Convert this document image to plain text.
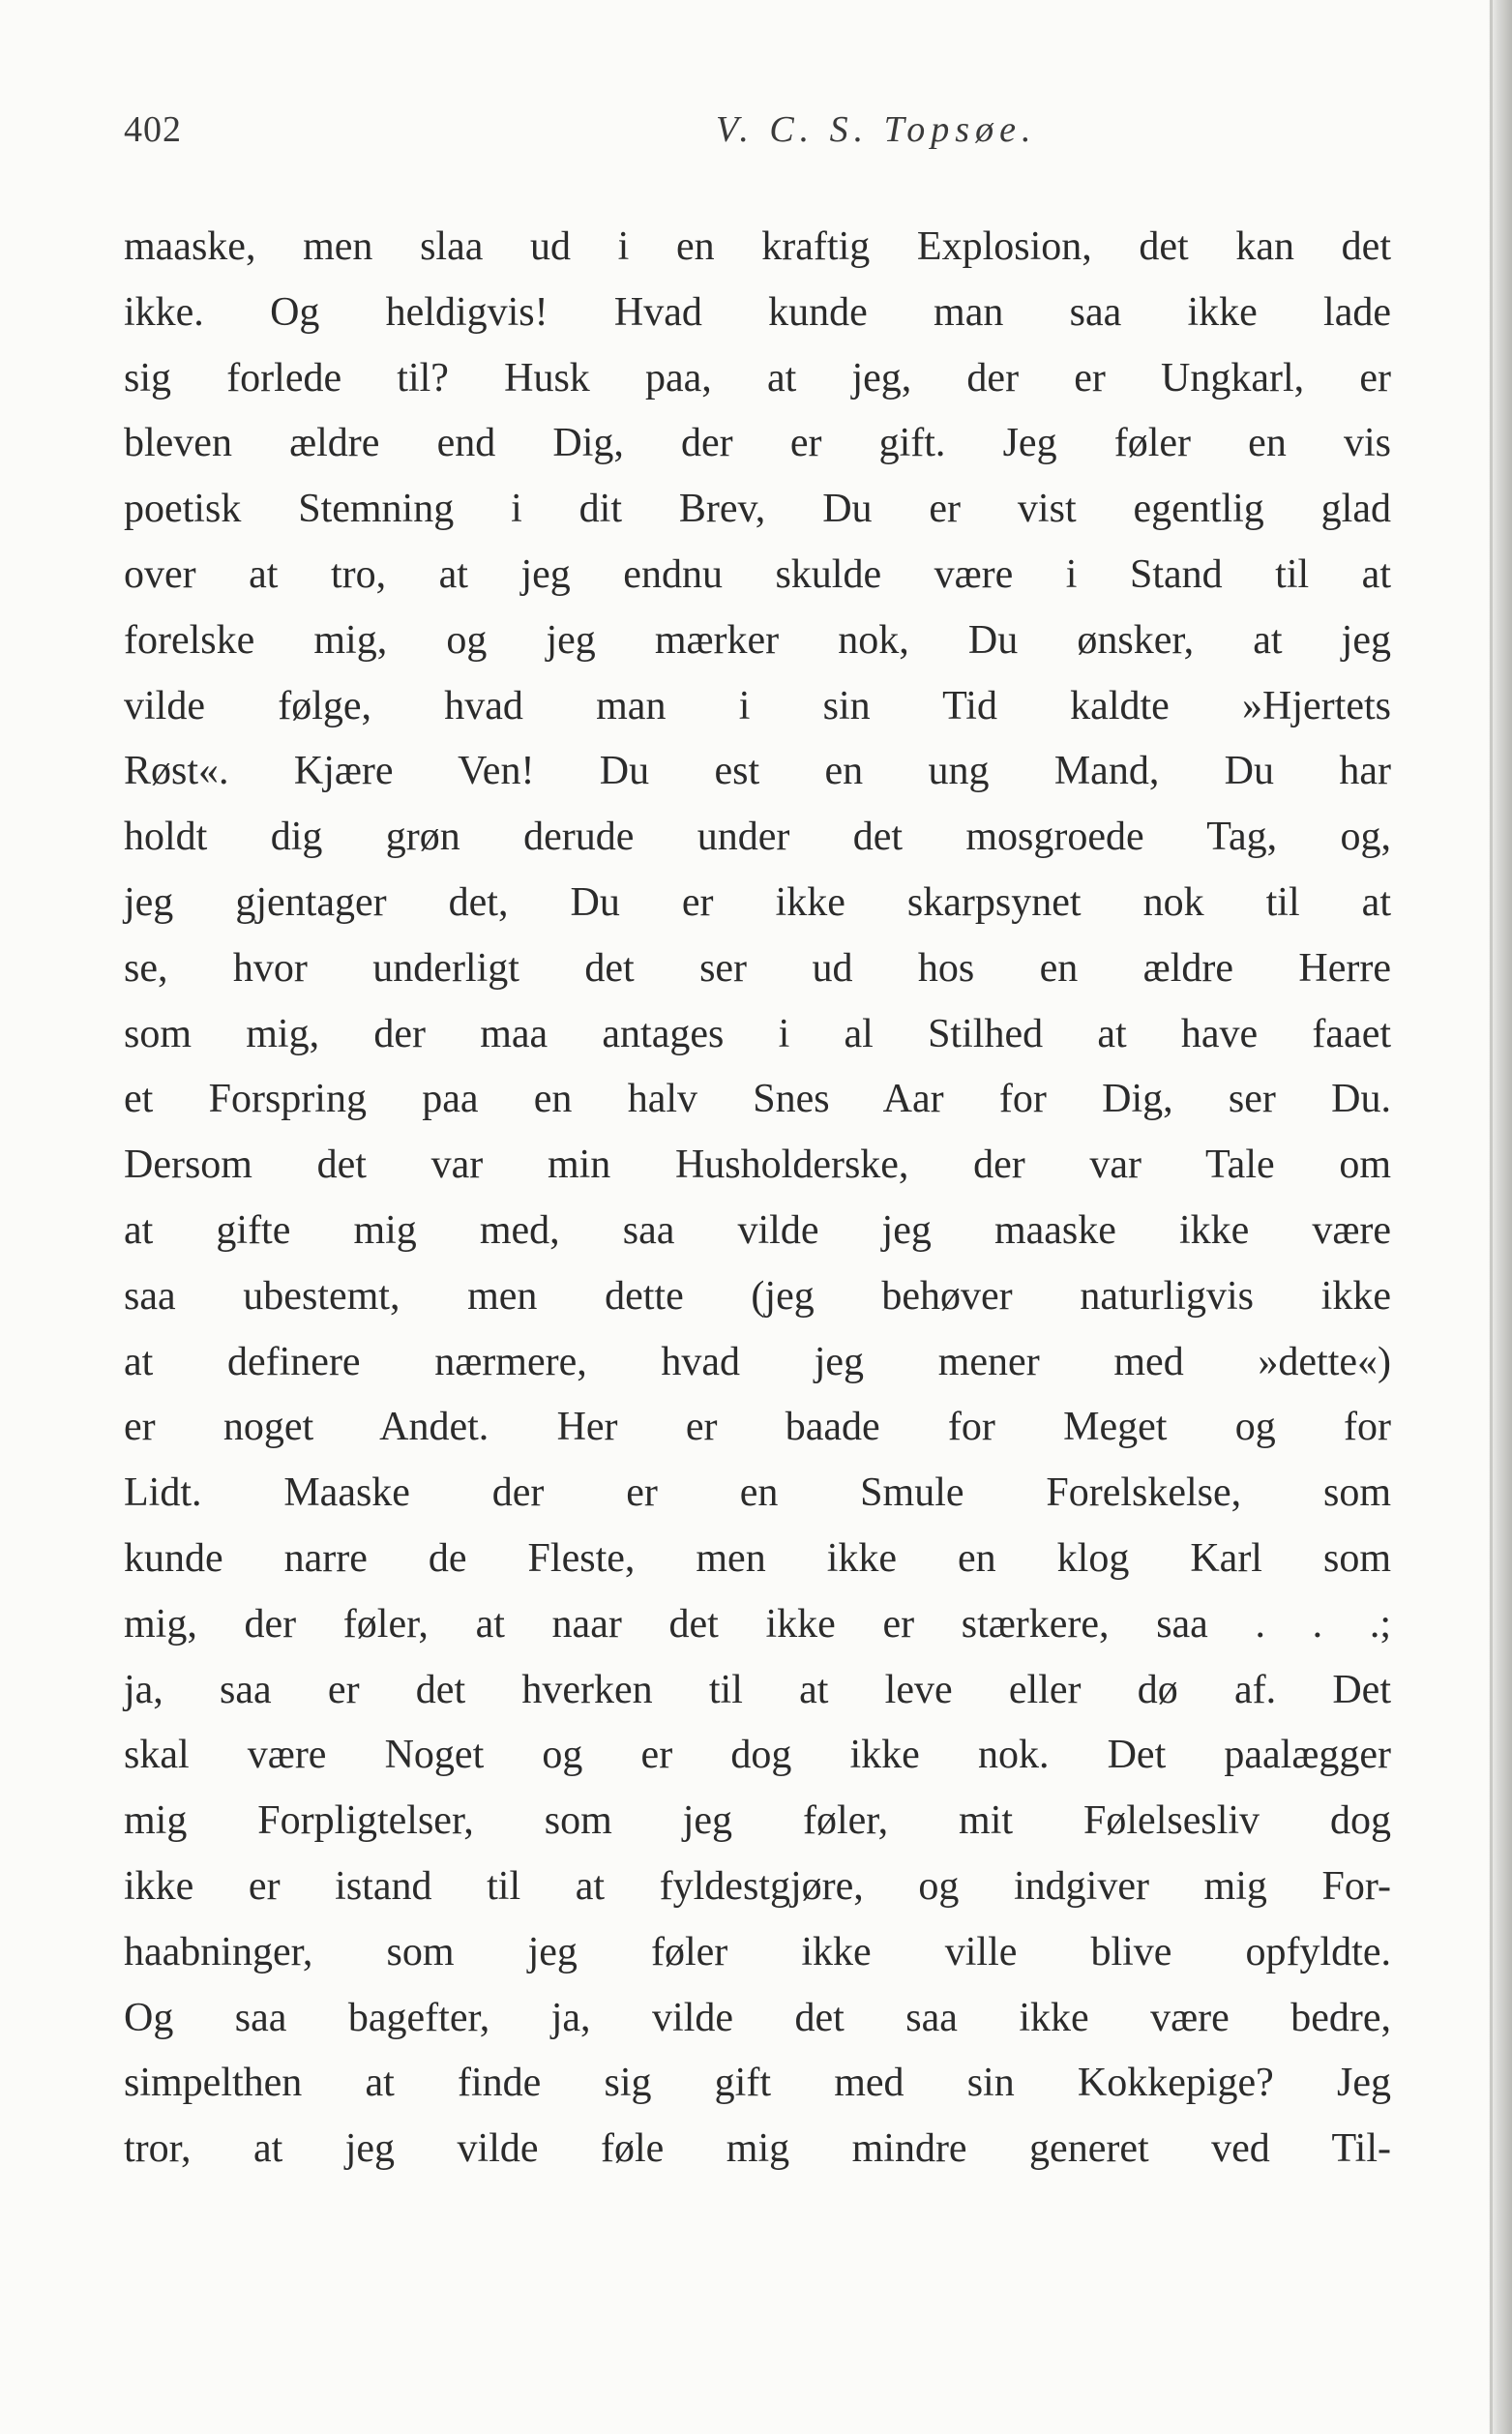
402	V. C. S. Topsøe.
maaske, men slaa ud i en kraftig Explosion, det kan det
ikke. Og heldigvis! Hvad kunde man saa ikke lade
sig forlede til? Husk paa, at jeg, der er Ungkarl, er
bleven ældre end Dig, der er gift. Jeg føler en vis
poetisk Stemning i dit Brev, Du er vist egentlig glad
over at tro, at jeg endnu skulde være i Stand til at
forelske mig, og jeg mærker nok, Du ønsker, at jeg
vilde følge, hvad man i sin Tid kaldte »Hjertets
Røst«. Kjære Ven! Du est en ung Mand, Du har
holdt dig grøn derude under det mosgroede Tag, og,
jeg gjentager det, Du er ikke skarpsynet nok til at
se, hvor underligt det ser ud hos en ældre Herre
som mig, der maa antages i al Stilhed at have faaet
et Forspring paa en halv Snes Aar for Dig, ser Du.
Dersom det var min Husholderske, der var Tale om
at gifte mig med, saa vilde jeg maaske ikke være
saa ubestemt, men dette (jeg behøver naturligvis ikke
at definere nærmere, hvad jeg mener med »dette«)
er noget Andet. Her er baade for Meget og for
Lidt. Maaske der er en Smule Forelskelse, som
kunde narre de Fleste, men ikke en klog Karl som
mig, der føler, at naar det ikke er stærkere, saa . . .;
ja, saa er det hverken til at leve eller dø af. Det
skal være Noget og er dog ikke nok. Det paalægger
mig Forpligtelser, som jeg føler, mit Følelsesliv dog
ikke er istand til at fyldestgjøre, og indgiver mig For-
haabninger, som jeg føler ikke ville blive opfyldte.
Og saa bagefter, ja, vilde det saa ikke være bedre,
simpelthen at finde sig gift med sin Kokkepige? Jeg
tror, at jeg vilde føle mig mindre generet ved Til-
